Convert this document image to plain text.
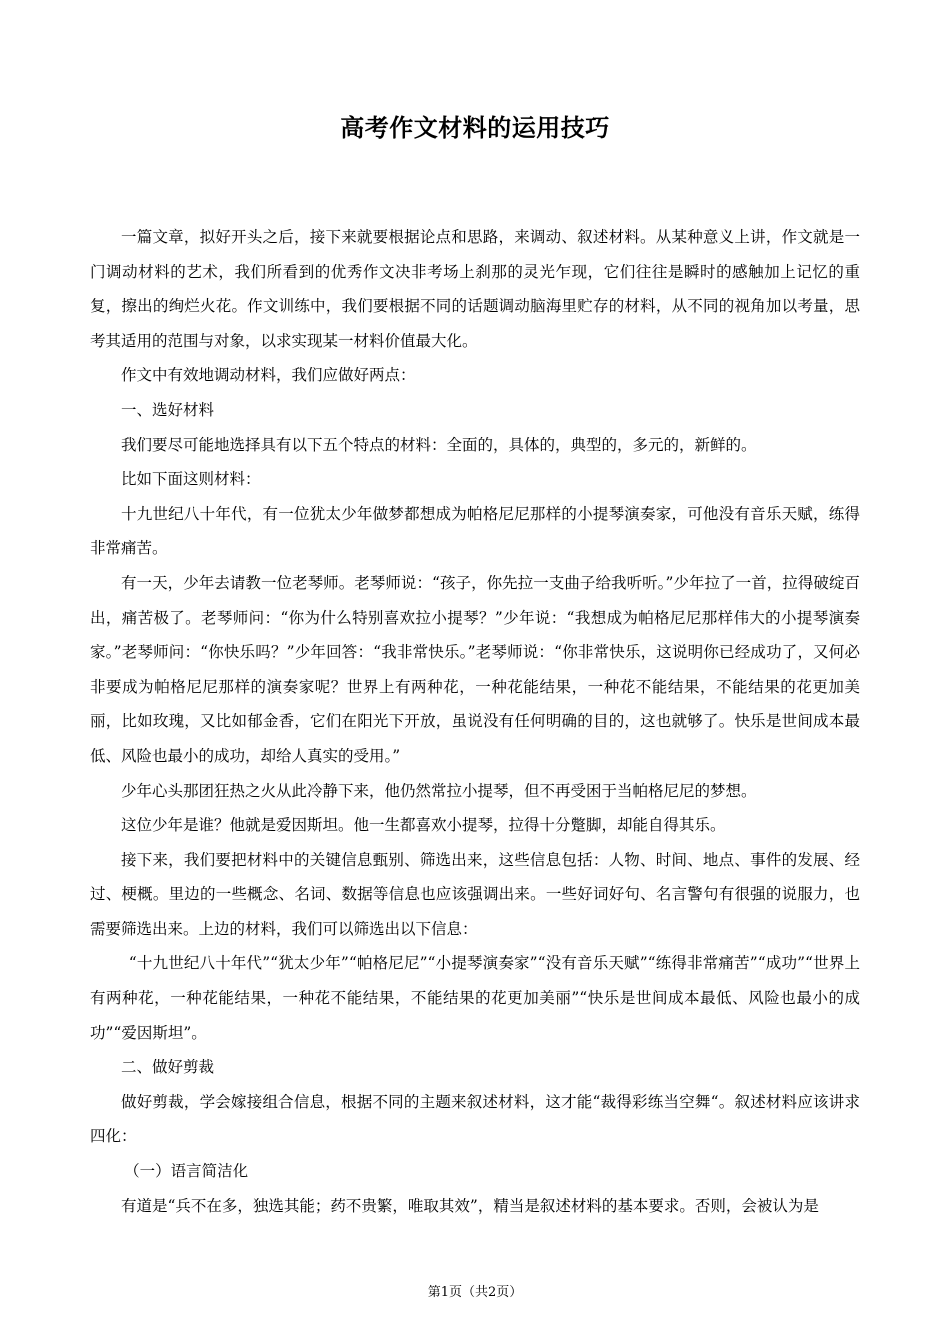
高考作文材料的运用技巧

一篇文章，拟好开头之后，接下来就要根据论点和思路，来调动、叙述材料。从某种意义上讲，作文就是一门调动材料的艺术，我们所看到的优秀作文决非考场上刹那的灵光乍现，它们往往是瞬时的感触加上记忆的重复，擦出的绚烂火花。作文训练中，我们要根据不同的话题调动脑海里贮存的材料，从不同的视角加以考量，思考其适用的范围与对象，以求实现某一材料价值最大化。

作文中有效地调动材料，我们应做好两点：

一、选好材料

我们要尽可能地选择具有以下五个特点的材料：全面的，具体的，典型的，多元的，新鲜的。

比如下面这则材料：

十九世纪八十年代，有一位犹太少年做梦都想成为帕格尼尼那样的小提琴演奏家，可他没有音乐天赋，练得非常痛苦。

有一天，少年去请教一位老琴师。老琴师说：“孩子，你先拉一支曲子给我听听。”少年拉了一首，拉得破绽百出，痛苦极了。老琴师问：“你为什么特别喜欢拉小提琴？”少年说：“我想成为帕格尼尼那样伟大的小提琴演奏家。”老琴师问：“你快乐吗？”少年回答：“我非常快乐。”老琴师说：“你非常快乐，这说明你已经成功了，又何必非要成为帕格尼尼那样的演奏家呢？世界上有两种花，一种花能结果，一种花不能结果，不能结果的花更加美丽，比如玫瑰，又比如郁金香，它们在阳光下开放，虽说没有任何明确的目的，这也就够了。快乐是世间成本最低、风险也最小的成功，却给人真实的受用。”

少年心头那团狂热之火从此冷静下来，他仍然常拉小提琴，但不再受困于当帕格尼尼的梦想。

这位少年是谁？他就是爱因斯坦。他一生都喜欢小提琴，拉得十分蹩脚，却能自得其乐。

接下来，我们要把材料中的关键信息甄别、筛选出来，这些信息包括：人物、时间、地点、事件的发展、经过、梗概。里边的一些概念、名词、数据等信息也应该强调出来。一些好词好句、名言警句有很强的说服力，也需要筛选出来。上边的材料，我们可以筛选出以下信息：

“十九世纪八十年代”“犹太少年”“帕格尼尼”“小提琴演奏家”“没有音乐天赋”“练得非常痛苦”“成功”“世界上有两种花，一种花能结果，一种花不能结果，不能结果的花更加美丽”“快乐是世间成本最低、风险也最小的成功”“爱因斯坦”。

二、做好剪裁

做好剪裁，学会嫁接组合信息，根据不同的主题来叙述材料，这才能“裁得彩练当空舞“。叙述材料应该讲求四化：

（一）语言简洁化

有道是“兵不在多，独选其能；药不贵繁，唯取其效”，精当是叙述材料的基本要求。否则，会被认为是

第1页（共2页）
